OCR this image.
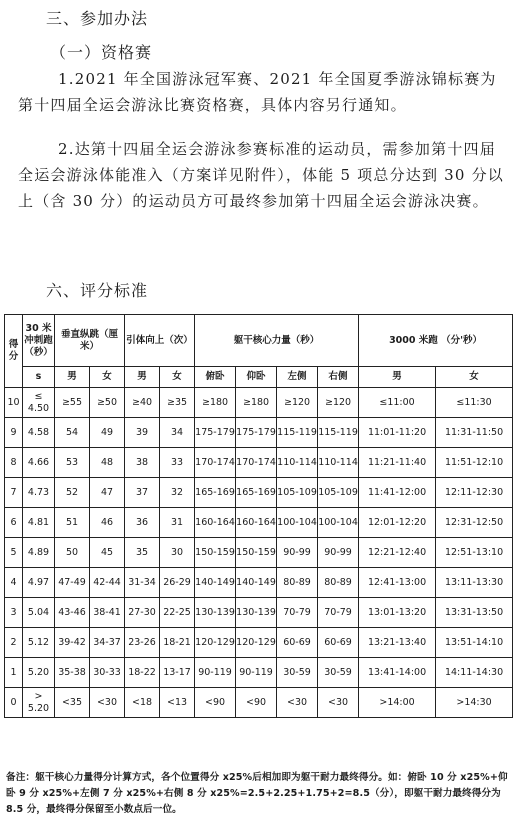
三、参加办法
（一）资格赛
1.2021 年全国游泳冠军赛、2021 年全国夏季游泳锦标赛为第十四届全运会游泳比赛资格赛，具体内容另行通知。
2.达第十四届全运会游泳参赛标准的运动员，需参加第十四届全运会游泳体能准入（方案详见附件），体能 5 项总分达到 30 分以上（含 30 分）的运动员方可最终参加第十四届全运会游泳决赛。
六、评分标准
得分	30 米冲刺跑（秒）	垂直纵跳（厘米）		引体向上（次）		躯干核心力量（秒）				3000 米跑 （分'秒）	
	s	男	女	男	女	俯卧	仰卧	左侧	右侧	男	女
10	≤ 4.50	≥55	≥50	≥40	≥35	≥180	≥180	≥120	≥120	≤11:00	≤11:30
9	4.58	54	49	39	34	175-179	175-179	115-119	115-119	11:01-11:20	11:31-11:50
8	4.66	53	48	38	33	170-174	170-174	110-114	110-114	11:21-11:40	11:51-12:10
7	4.73	52	47	37	32	165-169	165-169	105-109	105-109	11:41-12:00	12:11-12:30
6	4.81	51	46	36	31	160-164	160-164	100-104	100-104	12:01-12:20	12:31-12:50
5	4.89	50	45	35	30	150-159	150-159	90-99	90-99	12:21-12:40	12:51-13:10
4	4.97	47-49	42-44	31-34	26-29	140-149	140-149	80-89	80-89	12:41-13:00	13:11-13:30
3	5.04	43-46	38-41	27-30	22-25	130-139	130-139	70-79	70-79	13:01-13:20	13:31-13:50
2	5.12	39-42	34-37	23-26	18-21	120-129	120-129	60-69	60-69	13:21-13:40	13:51-14:10
1	5.20	35-38	30-33	18-22	13-17	90-119	90-119	30-59	30-59	13:41-14:00	14:11-14:30
0	> 5.20	<35	<30	<18	<13	<90	<90	<30	<30	>14:00	>14:30
备注：躯干核心力量得分计算方式，各个位置得分 x25%后相加即为躯干耐力最终得分。如：俯卧 10 分 x25%+仰卧 9 分 x25%+左侧 7 分 x25%+右侧 8 分 x25%=2.5+2.25+1.75+2=8.5（分），即躯干耐力最终得分为 8.5 分，最终得分保留至小数点后一位。
